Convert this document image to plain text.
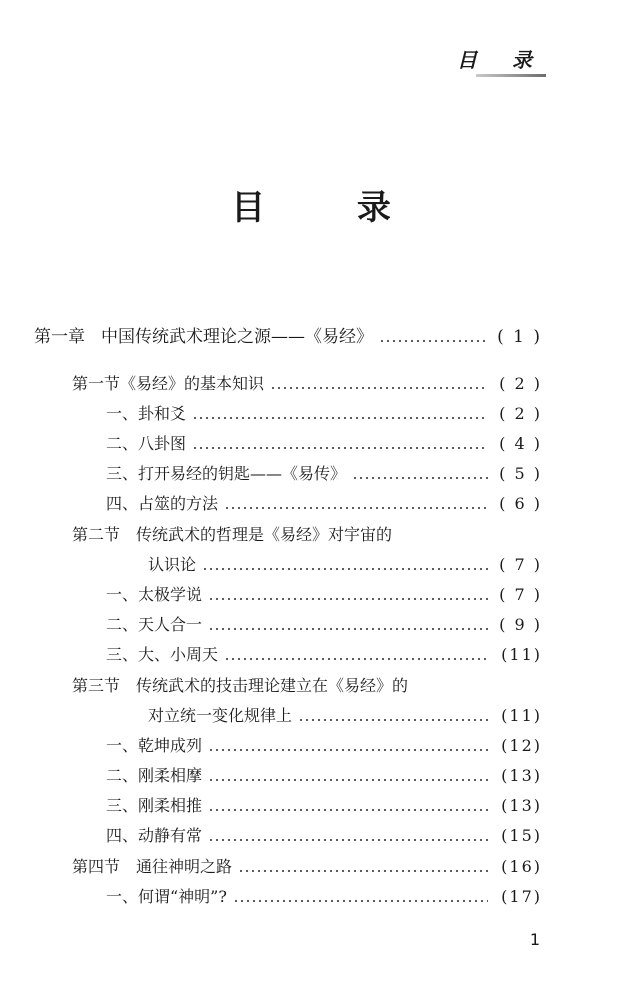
目 录
目 录
第一章 中国传统武术理论之源——《易经》	( 1 )
第一节《易经》的基本知识	( 2 )
一、卦和爻	( 2 )
二、八卦图	( 4 )
三、打开易经的钥匙——《易传》	( 5 )
四、占筮的方法	( 6 )
第二节 传统武术的哲理是《易经》对宇宙的
认识论	( 7 )
一、太极学说	( 7 )
二、天人合一	( 9 )
三、大、小周天	(11)
第三节 传统武术的技击理论建立在《易经》的
对立统一变化规律上	(11)
一、乾坤成列	(12)
二、刚柔相摩	(13)
三、刚柔相推	(13)
四、动静有常	(15)
第四节 通往神明之路	(16)
一、何谓“神明”?	(17)
1
